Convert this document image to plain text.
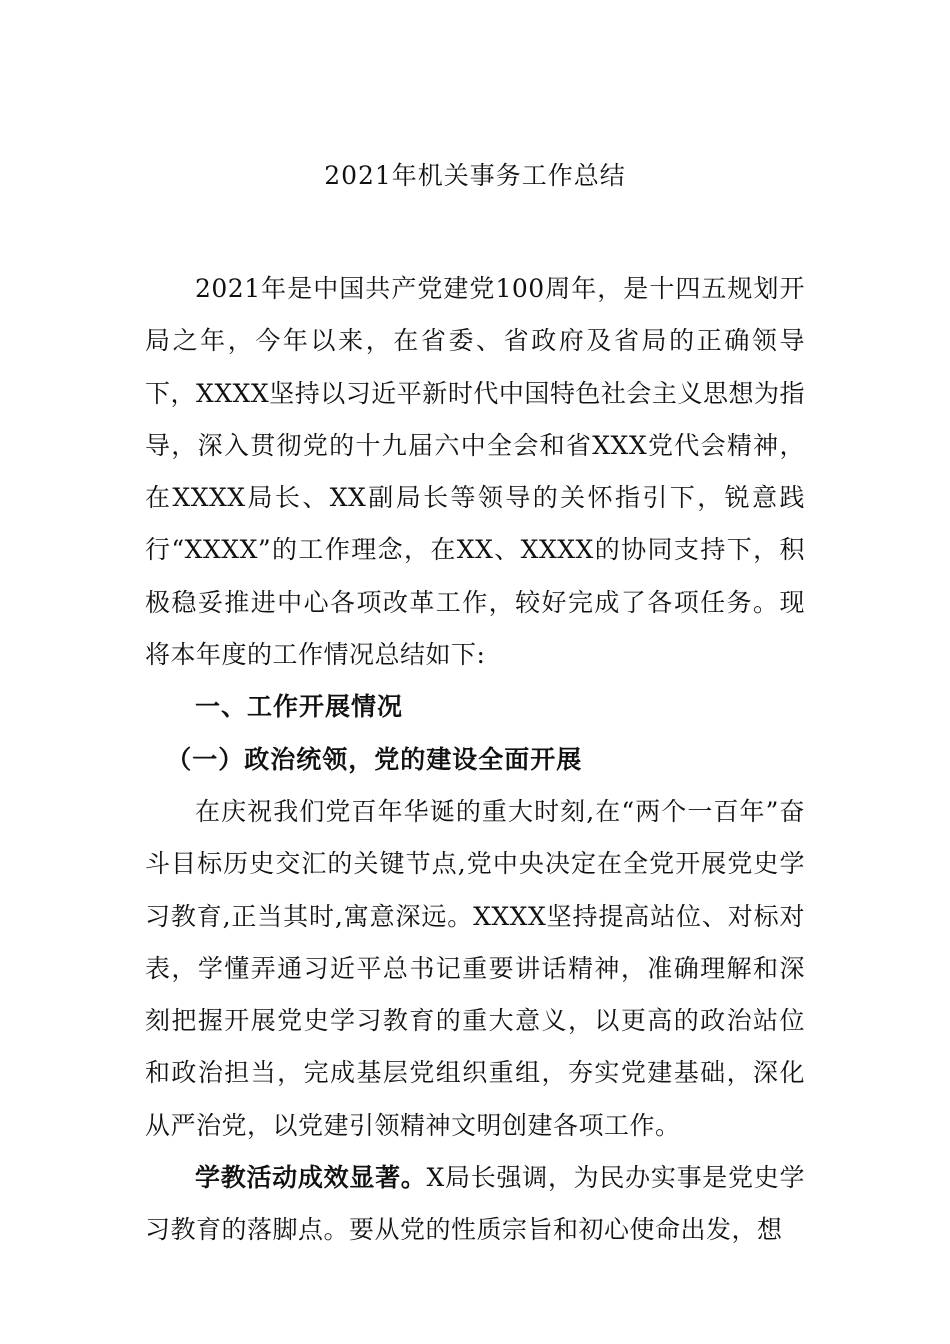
2021年机关事务工作总结

2021年是中国共产党建党100周年，是十四五规划开局之年，今年以来，在省委、省政府及省局的正确领导下，XXXX坚持以习近平新时代中国特色社会主义思想为指导，深入贯彻党的十九届六中全会和省XXX党代会精神，在XXXX局长、XX副局长等领导的关怀指引下，锐意践行“XXXX”的工作理念，在XX、XXXX的协同支持下，积极稳妥推进中心各项改革工作，较好完成了各项任务。现将本年度的工作情况总结如下:

一、工作开展情况

（一）政治统领，党的建设全面开展

在庆祝我们党百年华诞的重大时刻,在“两个一百年”奋斗目标历史交汇的关键节点,党中央决定在全党开展党史学习教育,正当其时,寓意深远。XXXX坚持提高站位、对标对表，学懂弄通习近平总书记重要讲话精神，准确理解和深刻把握开展党史学习教育的重大意义，以更高的政治站位和政治担当，完成基层党组织重组，夯实党建基础，深化从严治党，以党建引领精神文明创建各项工作。

学教活动成效显著。X局长强调，为民办实事是党史学习教育的落脚点。要从党的性质宗旨和初心使命出发，想
